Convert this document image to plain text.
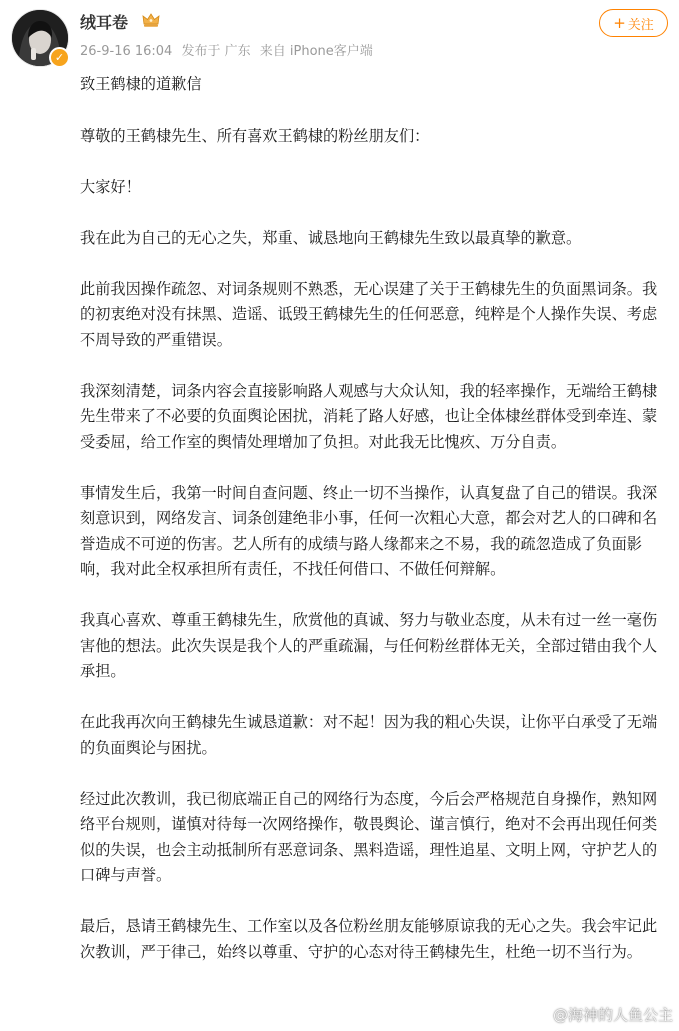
✓
绒耳卷
26-9-16 16:04 发布于 广东 来自 iPhone客户端
+ 关注

致王鹤棣的道歉信

尊敬的王鹤棣先生、所有喜欢王鹤棣的粉丝朋友们：

大家好！

我在此为自己的无心之失，郑重、诚恳地向王鹤棣先生致以最真挚的歉意。

此前我因操作疏忽、对词条规则不熟悉，无心误建了关于王鹤棣先生的负面黑词条。我的初衷绝对没有抹黑、造谣、诋毁王鹤棣先生的任何恶意，纯粹是个人操作失误、考虑不周导致的严重错误。

我深刻清楚，词条内容会直接影响路人观感与大众认知，我的轻率操作，无端给王鹤棣先生带来了不必要的负面舆论困扰，消耗了路人好感，也让全体棣丝群体受到牵连、蒙受委屈，给工作室的舆情处理增加了负担。对此我无比愧疚、万分自责。

事情发生后，我第一时间自查问题、终止一切不当操作，认真复盘了自己的错误。我深刻意识到，网络发言、词条创建绝非小事，任何一次粗心大意，都会对艺人的口碑和名誉造成不可逆的伤害。艺人所有的成绩与路人缘都来之不易，我的疏忽造成了负面影响，我对此全权承担所有责任，不找任何借口、不做任何辩解。

我真心喜欢、尊重王鹤棣先生，欣赏他的真诚、努力与敬业态度，从未有过一丝一毫伤害他的想法。此次失误是我个人的严重疏漏，与任何粉丝群体无关，全部过错由我个人承担。

在此我再次向王鹤棣先生诚恳道歉：对不起！因为我的粗心失误，让你平白承受了无端的负面舆论与困扰。

经过此次教训，我已彻底端正自己的网络行为态度，今后会严格规范自身操作，熟知网络平台规则，谨慎对待每一次网络操作，敬畏舆论、谨言慎行，绝对不会再出现任何类似的失误，也会主动抵制所有恶意词条、黑料造谣，理性追星、文明上网，守护艺人的口碑与声誉。

最后，恳请王鹤棣先生、工作室以及各位粉丝朋友能够原谅我的无心之失。我会牢记此次教训，严于律己，始终以尊重、守护的心态对待王鹤棣先生，杜绝一切不当行为。

@海神的人鱼公主
